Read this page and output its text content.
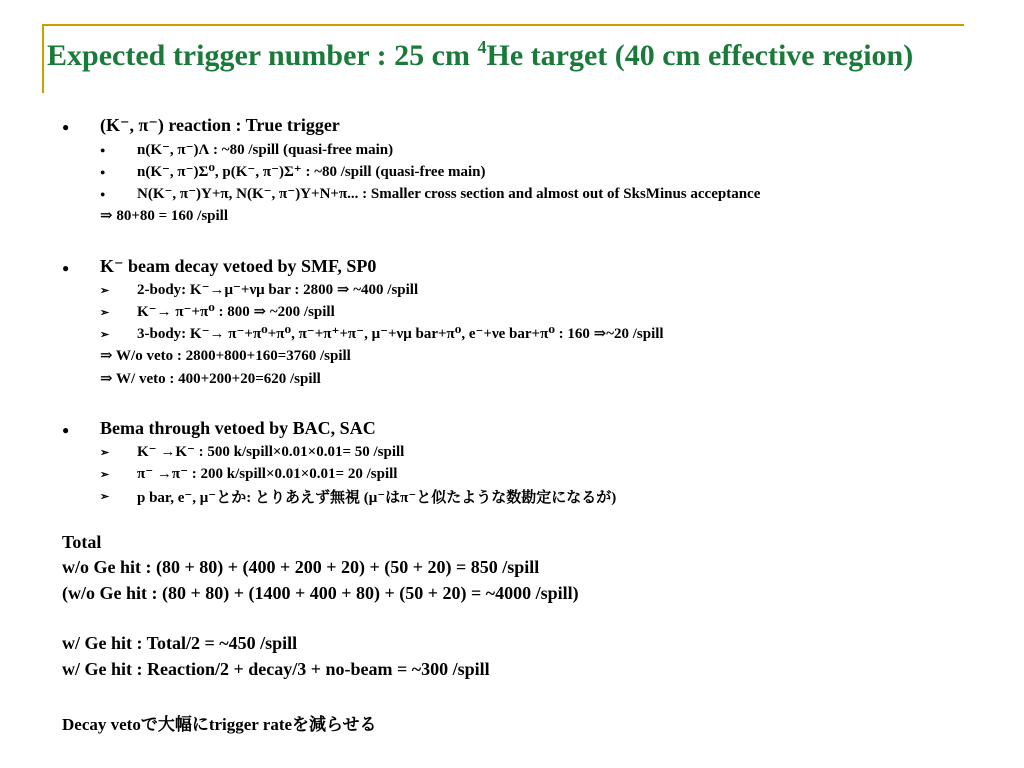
Expected trigger number : 25 cm $^4$He target (40 cm effective region)
● (K⁻, π⁻) reaction : True trigger
● n(K⁻, π⁻)Λ : ~80 /spill (quasi-free main)
● n(K⁻, π⁻)Σ⁰, p(K⁻, π⁻)Σ⁺ : ~80 /spill (quasi-free main)
● N(K⁻, π⁻)Y+π, N(K⁻, π⁻)Y+N+π... : Smaller cross section and almost out of SksMinus acceptance
⇒ 80+80 = 160 /spill
● K⁻ beam decay vetoed by SMF, SP0
➢ 2-body: K⁻→μ⁻+νμ bar : 2800 ⇒ ~400 /spill
➢ K⁻→ π⁻+π⁰ : 800 ⇒ ~200 /spill
➢ 3-body: K⁻→ π⁻+π⁰+π⁰, π⁻+π⁺+π⁻, μ⁻+νμ bar+π⁰, e⁻+νe bar+π⁰ : 160 ⇒~20 /spill
⇒ W/o veto : 2800+800+160=3760 /spill
⇒ W/ veto : 400+200+20=620 /spill
● Bema through vetoed by BAC, SAC
➢ K⁻ →K⁻ : 500 k/spill×0.01×0.01= 50 /spill
➢ π⁻ →π⁻ : 200 k/spill×0.01×0.01= 20 /spill
➢ p bar, e⁻, μ⁻とか: とりあえず無視 (μ⁻はπ⁻と似たような数勘定になるが)
Total
w/o Ge hit : (80 + 80) + (400 + 200 + 20) + (50 + 20) = 850 /spill
(w/o Ge hit : (80 + 80) + (1400 + 400 + 80) + (50 + 20) = ~4000 /spill)
w/ Ge hit : Total/2 = ~450 /spill
w/ Ge hit : Reaction/2 + decay/3 + no-beam = ~300 /spill
Decay vetoで大幅にtrigger rateを減らせる
